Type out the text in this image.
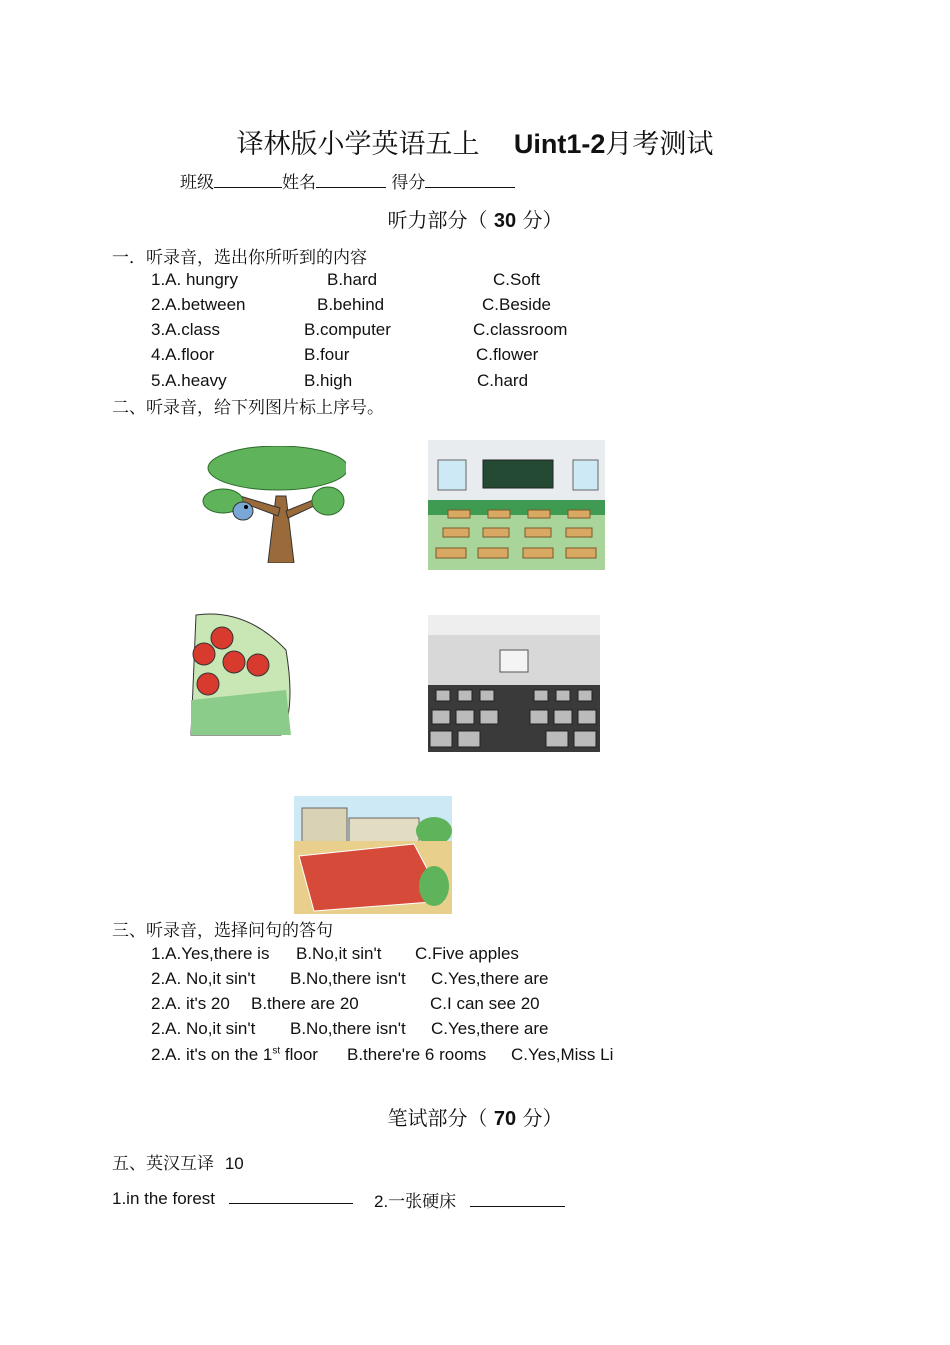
译林版小学英语五上 Uint1-2月考测试
班级	姓名	得分
听力部分（ 30 分）
一．听录音，选出你所听到的内容
1.A. hungry	B.hard	C.Soft
2.A.between	B.behind	C.Beside
3.A.class	B.computer	C.classroom
4.A.floor	B.four	C.flower
5.A.heavy	B.high	C.hard
二、听录音，给下列图片标上序号。
三、听录音，选择问句的答句
1.A.Yes,there is B.No,it sin't C.Five apples
2.A. No,it sin't B.No,there isn't C.Yes,there are
2.A. it's 20 B.there are 20	C.I can see 20
2.A. No,it sin't B.No,there isn't C.Yes,there are
2.A. it's on the 1st floor B.there're 6 rooms C.Yes,Miss Li
笔试部分（ 70 分）
五、英汉互译 10
1.in the forest	2.一张硬床
